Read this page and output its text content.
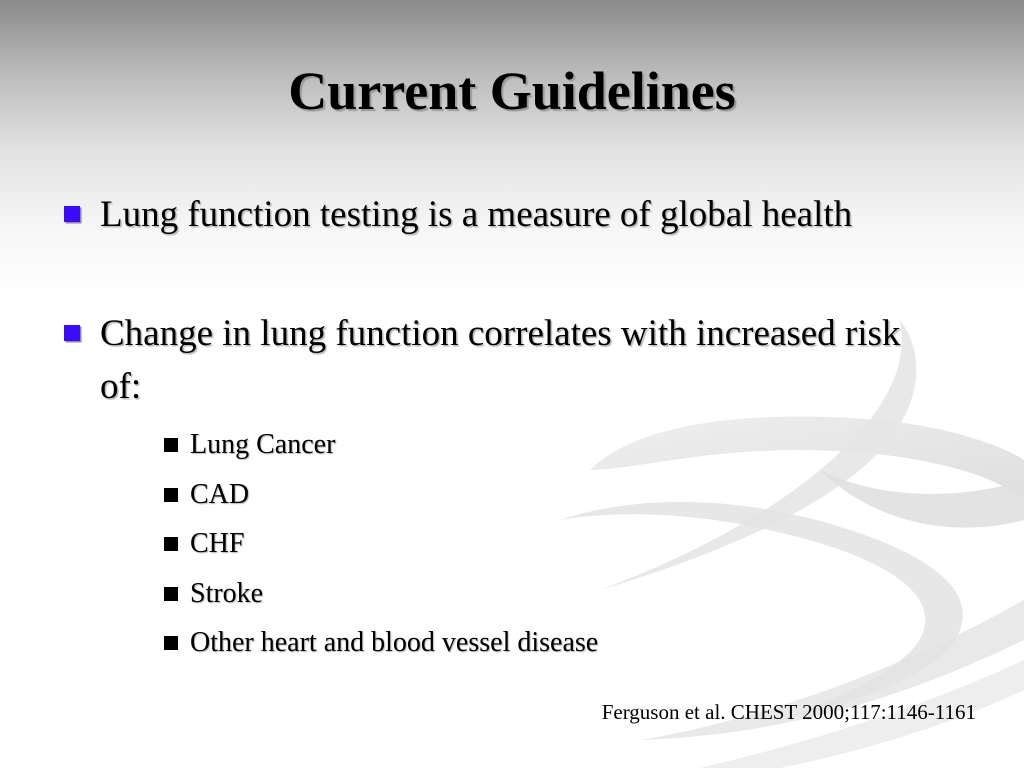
Current Guidelines
Lung function testing is a measure of global health
Change in lung function correlates with increased risk of:
Lung Cancer
CAD
CHF
Stroke
Other heart and blood vessel disease
Ferguson et al. CHEST 2000;117:1146-1161
